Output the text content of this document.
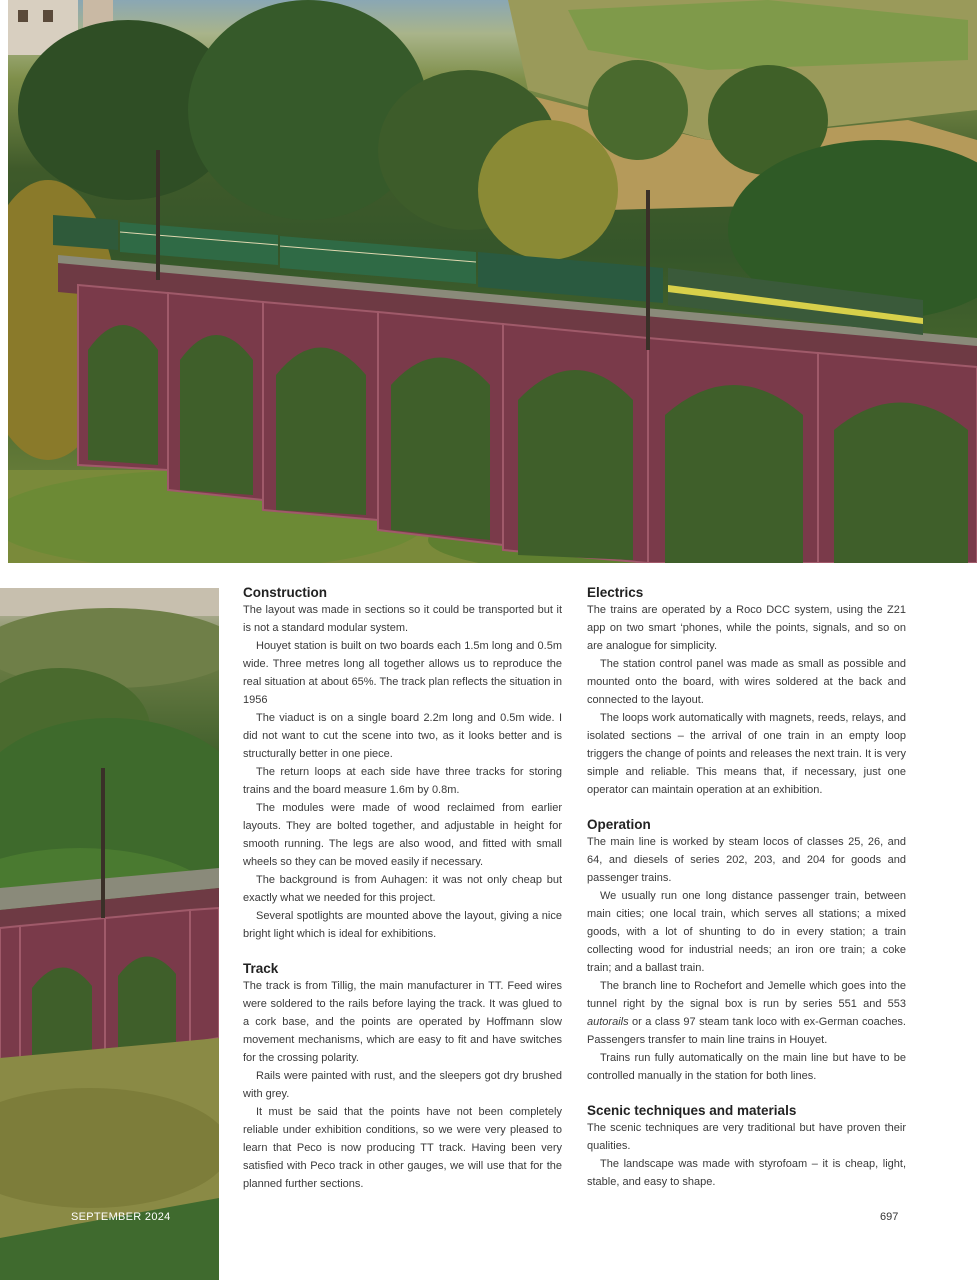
SEPTEMBER 2024	697
Construction

The layout was made in sections so it could be transported but it is not a standard modular system.

Houyet station is built on two boards each 1.5m long and 0.5m wide. Three metres long all together allows us to reproduce the real situation at about 65%. The track plan reflects the situation in 1956

The viaduct is on a single board 2.2m long and 0.5m wide. I did not want to cut the scene into two, as it looks better and is structurally better in one piece.

The return loops at each side have three tracks for storing trains and the board measure 1.6m by 0.8m.

The modules were made of wood reclaimed from earlier layouts. They are bolted together, and adjustable in height for smooth running. The legs are also wood, and fitted with small wheels so they can be moved easily if necessary.

The background is from Auhagen: it was not only cheap but exactly what we needed for this project.

Several spotlights are mounted above the layout, giving a nice bright light which is ideal for exhibitions.

Track

The track is from Tillig, the main manufacturer in TT. Feed wires were soldered to the rails before laying the track. It was glued to a cork base, and the points are operated by Hoffmann slow movement mechanisms, which are easy to fit and have switches for the crossing polarity.

Rails were painted with rust, and the sleepers got dry brushed with grey.

It must be said that the points have not been completely reliable under exhibition conditions, so we were very pleased to learn that Peco is now producing TT track. Having been very satisfied with Peco track in other gauges, we will use that for the planned further sections.

Electrics

The trains are operated by a Roco DCC system, using the Z21 app on two smart ‘phones, while the points, signals, and so on are analogue for simplicity.

The station control panel was made as small as possible and mounted onto the board, with wires soldered at the back and connected to the layout.

The loops work automatically with magnets, reeds, relays, and isolated sections – the arrival of one train in an empty loop triggers the change of points and releases the next train. It is very simple and reliable. This means that, if necessary, just one operator can maintain operation at an exhibition.

Operation

The main line is worked by steam locos of classes 25, 26, and 64, and diesels of series 202, 203, and 204 for goods and passenger trains.

We usually run one long distance passenger train, between main cities; one local train, which serves all stations; a mixed goods, with a lot of shunting to do in every station; a train collecting wood for industrial needs; an iron ore train; a coke train; and a ballast train.

The branch line to Rochefort and Jemelle which goes into the tunnel right by the signal box is run by series 551 and 553 autorails or a class 97 steam tank loco with ex-German coaches. Passengers transfer to main line trains in Houyet.

Trains run fully automatically on the main line but have to be controlled manually in the station for both lines.

Scenic techniques and materials

The scenic techniques are very traditional but have proven their qualities.

The landscape was made with styrofoam – it is cheap, light, stable, and easy to shape.
